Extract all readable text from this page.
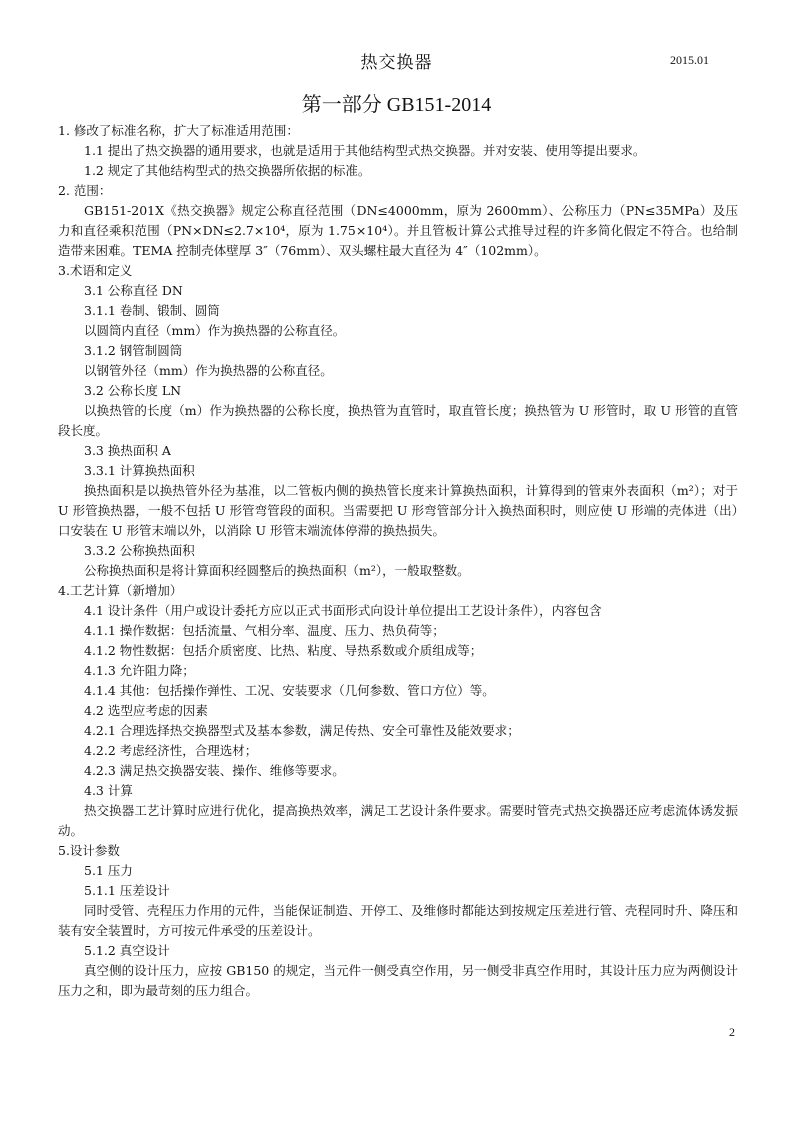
热交换器	2015.01
第一部分 GB151-2014

1. 修改了标准名称，扩大了标准适用范围：

1.1 提出了热交换器的通用要求，也就是适用于其他结构型式热交换器。并对安装、使用等提出要求。

1.2 规定了其他结构型式的热交换器所依据的标准。

2. 范围：

GB151-201X《热交换器》规定公称直径范围（DN≤4000mm，原为 2600mm）、公称压力（PN≤35MPa）及压力和直径乘积范围（PN×DN≤2.7×10⁴，原为 1.75×10⁴）。并且管板计算公式推导过程的许多简化假定不符合。也给制造带来困难。TEMA 控制壳体壁厚 3″（76mm）、双头螺柱最大直径为 4″（102mm）。

3.术语和定义

3.1 公称直径 DN

3.1.1 卷制、锻制、圆筒

以圆筒内直径（mm）作为换热器的公称直径。

3.1.2 钢管制圆筒

以钢管外径（mm）作为换热器的公称直径。

3.2 公称长度 LN

以换热管的长度（m）作为换热器的公称长度，换热管为直管时，取直管长度；换热管为 U 形管时，取 U 形管的直管段长度。

3.3 换热面积 A

3.3.1 计算换热面积

换热面积是以换热管外径为基准，以二管板内侧的换热管长度来计算换热面积，计算得到的管束外表面积（m²）；对于 U 形管换热器，一般不包括 U 形管弯管段的面积。当需要把 U 形弯管部分计入换热面积时，则应使 U 形端的壳体进（出）口安装在 U 形管末端以外，以消除 U 形管末端流体停滞的换热损失。

3.3.2 公称换热面积

公称换热面积是将计算面积经圆整后的换热面积（m²），一般取整数。

4.工艺计算（新增加）

4.1 设计条件（用户或设计委托方应以正式书面形式向设计单位提出工艺设计条件），内容包含

4.1.1 操作数据：包括流量、气相分率、温度、压力、热负荷等；

4.1.2 物性数据：包括介质密度、比热、粘度、导热系数或介质组成等；

4.1.3 允许阻力降；

4.1.4 其他：包括操作弹性、工况、安装要求（几何参数、管口方位）等。

4.2 选型应考虑的因素

4.2.1 合理选择热交换器型式及基本参数，满足传热、安全可靠性及能效要求；

4.2.2 考虑经济性，合理选材；

4.2.3 满足热交换器安装、操作、维修等要求。

4.3 计算

热交换器工艺计算时应进行优化，提高换热效率，满足工艺设计条件要求。需要时管壳式热交换器还应考虑流体诱发振动。

5.设计参数

5.1 压力

5.1.1 压差设计

同时受管、壳程压力作用的元件，当能保证制造、开停工、及维修时都能达到按规定压差进行管、壳程同时升、降压和装有安全装置时，方可按元件承受的压差设计。

5.1.2 真空设计

真空侧的设计压力，应按 GB150 的规定，当元件一侧受真空作用，另一侧受非真空作用时，其设计压力应为两侧设计压力之和，即为最苛刻的压力组合。

2
